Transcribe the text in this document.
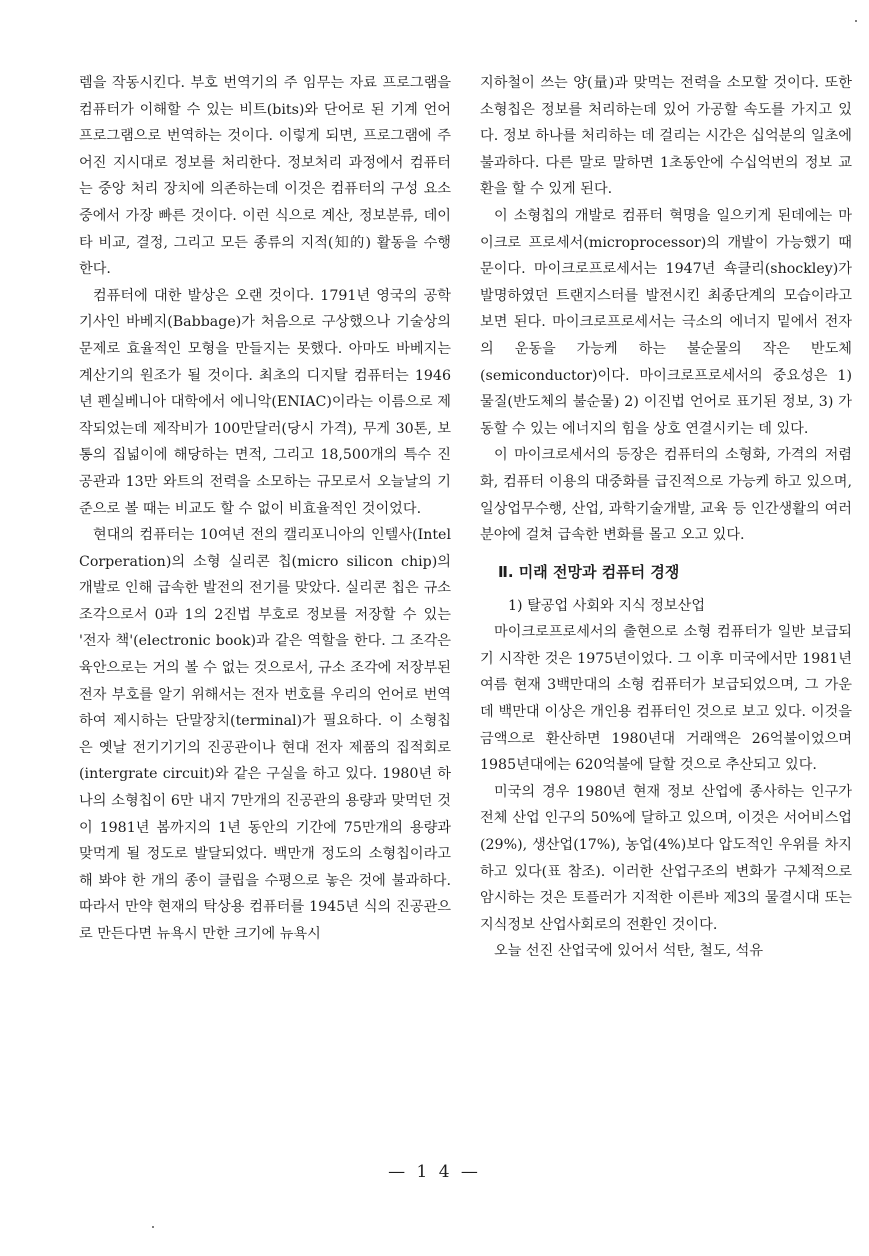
렘을 작동시킨다. 부호 번역기의 주 임무는 자료 프로그램을 컴퓨터가 이해할 수 있는 비트(bits)와 단어로 된 기계 언어 프로그램으로 번역하는 것이다. 이렇게 되면, 프로그램에 주어진 지시대로 정보를 처리한다. 정보처리 과정에서 컴퓨터는 중앙 처리 장치에 의존하는데 이것은 컴퓨터의 구성 요소 중에서 가장 빠른 것이다. 이런 식으로 계산, 정보분류, 데이타 비교, 결정, 그리고 모든 종류의 지적(知的) 활동을 수행한다.

컴퓨터에 대한 발상은 오랜 것이다. 1791년 영국의 공학 기사인 바베지(Babbage)가 처음으로 구상했으나 기술상의 문제로 효율적인 모형을 만들지는 못했다. 아마도 바베지는 계산기의 원조가 될 것이다. 최초의 디지탈 컴퓨터는 1946년 펜실베니아 대학에서 에니악(ENIAC)이라는 이름으로 제작되었는데 제작비가 100만달러(당시 가격), 무게 30톤, 보통의 집넓이에 해당하는 면적, 그리고 18,500개의 특수 진공관과 13만 와트의 전력을 소모하는 규모로서 오늘날의 기준으로 볼 때는 비교도 할 수 없이 비효율적인 것이었다.

현대의 컴퓨터는 10여년 전의 캘리포니아의 인텔사(Intel Corperation)의 소형 실리콘 칩(micro silicon chip)의 개발로 인해 급속한 발전의 전기를 맞았다. 실리콘 칩은 규소 조각으로서 0과 1의 2진법 부호로 정보를 저장할 수 있는 '전자 책'(electronic book)과 같은 역할을 한다. 그 조각은 육안으로는 거의 볼 수 없는 것으로서, 규소 조각에 저장부된 전자 부호를 알기 위해서는 전자 번호를 우리의 언어로 번역하여 제시하는 단말장치(terminal)가 필요하다. 이 소형칩은 옛날 전기기기의 진공관이나 현대 전자 제품의 집적회로(intergrate circuit)와 같은 구실을 하고 있다. 1980년 하나의 소형칩이 6만 내지 7만개의 진공관의 용량과 맞먹던 것이 1981년 봄까지의 1년 동안의 기간에 75만개의 용량과 맞먹게 될 정도로 발달되었다. 백만개 정도의 소형칩이라고 해 봐야 한 개의 종이 클립을 수평으로 놓은 것에 불과하다. 따라서 만약 현재의 탁상용 컴퓨터를 1945년 식의 진공관으로 만든다면 뉴욕시 만한 크기에 뉴욕시

지하철이 쓰는 양(量)과 맞먹는 전력을 소모할 것이다. 또한 소형칩은 정보를 처리하는데 있어 가공할 속도를 가지고 있다. 정보 하나를 처리하는 데 걸리는 시간은 십억분의 일초에 불과하다. 다른 말로 말하면 1초동안에 수십억번의 정보 교환을 할 수 있게 된다.

이 소형칩의 개발로 컴퓨터 혁명을 일으키게 된데에는 마이크로 프로세서(microprocessor)의 개발이 가능했기 때문이다. 마이크로프로세서는 1947년 쇽클리(shockley)가 발명하였던 트랜지스터를 발전시킨 최종단계의 모습이라고 보면 된다. 마이크로프로세서는 극소의 에너지 밑에서 전자의 운동을 가능케 하는 불순물의 작은 반도체(semiconductor)이다. 마이크로프로세서의 중요성은 1) 물질(반도체의 불순물) 2) 이진법 언어로 표기된 정보, 3) 가동할 수 있는 에너지의 힘을 상호 연결시키는 데 있다.

이 마이크로세서의 등장은 컴퓨터의 소형화, 가격의 저렴화, 컴퓨터 이용의 대중화를 급진적으로 가능케 하고 있으며, 일상업무수행, 산업, 과학기술개발, 교육 등 인간생활의 여러 분야에 걸쳐 급속한 변화를 몰고 오고 있다.

Ⅱ. 미래 전망과 컴퓨터 경쟁
1) 탈공업 사회와 지식 정보산업

마이크로프로세서의 출현으로 소형 컴퓨터가 일반 보급되기 시작한 것은 1975년이었다. 그 이후 미국에서만 1981년 여름 현재 3백만대의 소형 컴퓨터가 보급되었으며, 그 가운데 백만대 이상은 개인용 컴퓨터인 것으로 보고 있다. 이것을 금액으로 환산하면 1980년대 거래액은 26억불이었으며 1985년대에는 620억불에 달할 것으로 추산되고 있다.

미국의 경우 1980년 현재 정보 산업에 종사하는 인구가 전체 산업 인구의 50%에 달하고 있으며, 이것은 서어비스업(29%), 생산업(17%), 농업(4%)보다 압도적인 우위를 차지하고 있다(표 참조). 이러한 산업구조의 변화가 구체적으로 암시하는 것은 토플러가 지적한 이른바 제3의 물결시대 또는 지식정보 산업사회로의 전환인 것이다.

오늘 선진 산업국에 있어서 석탄, 철도, 석유

— 1 4 —
